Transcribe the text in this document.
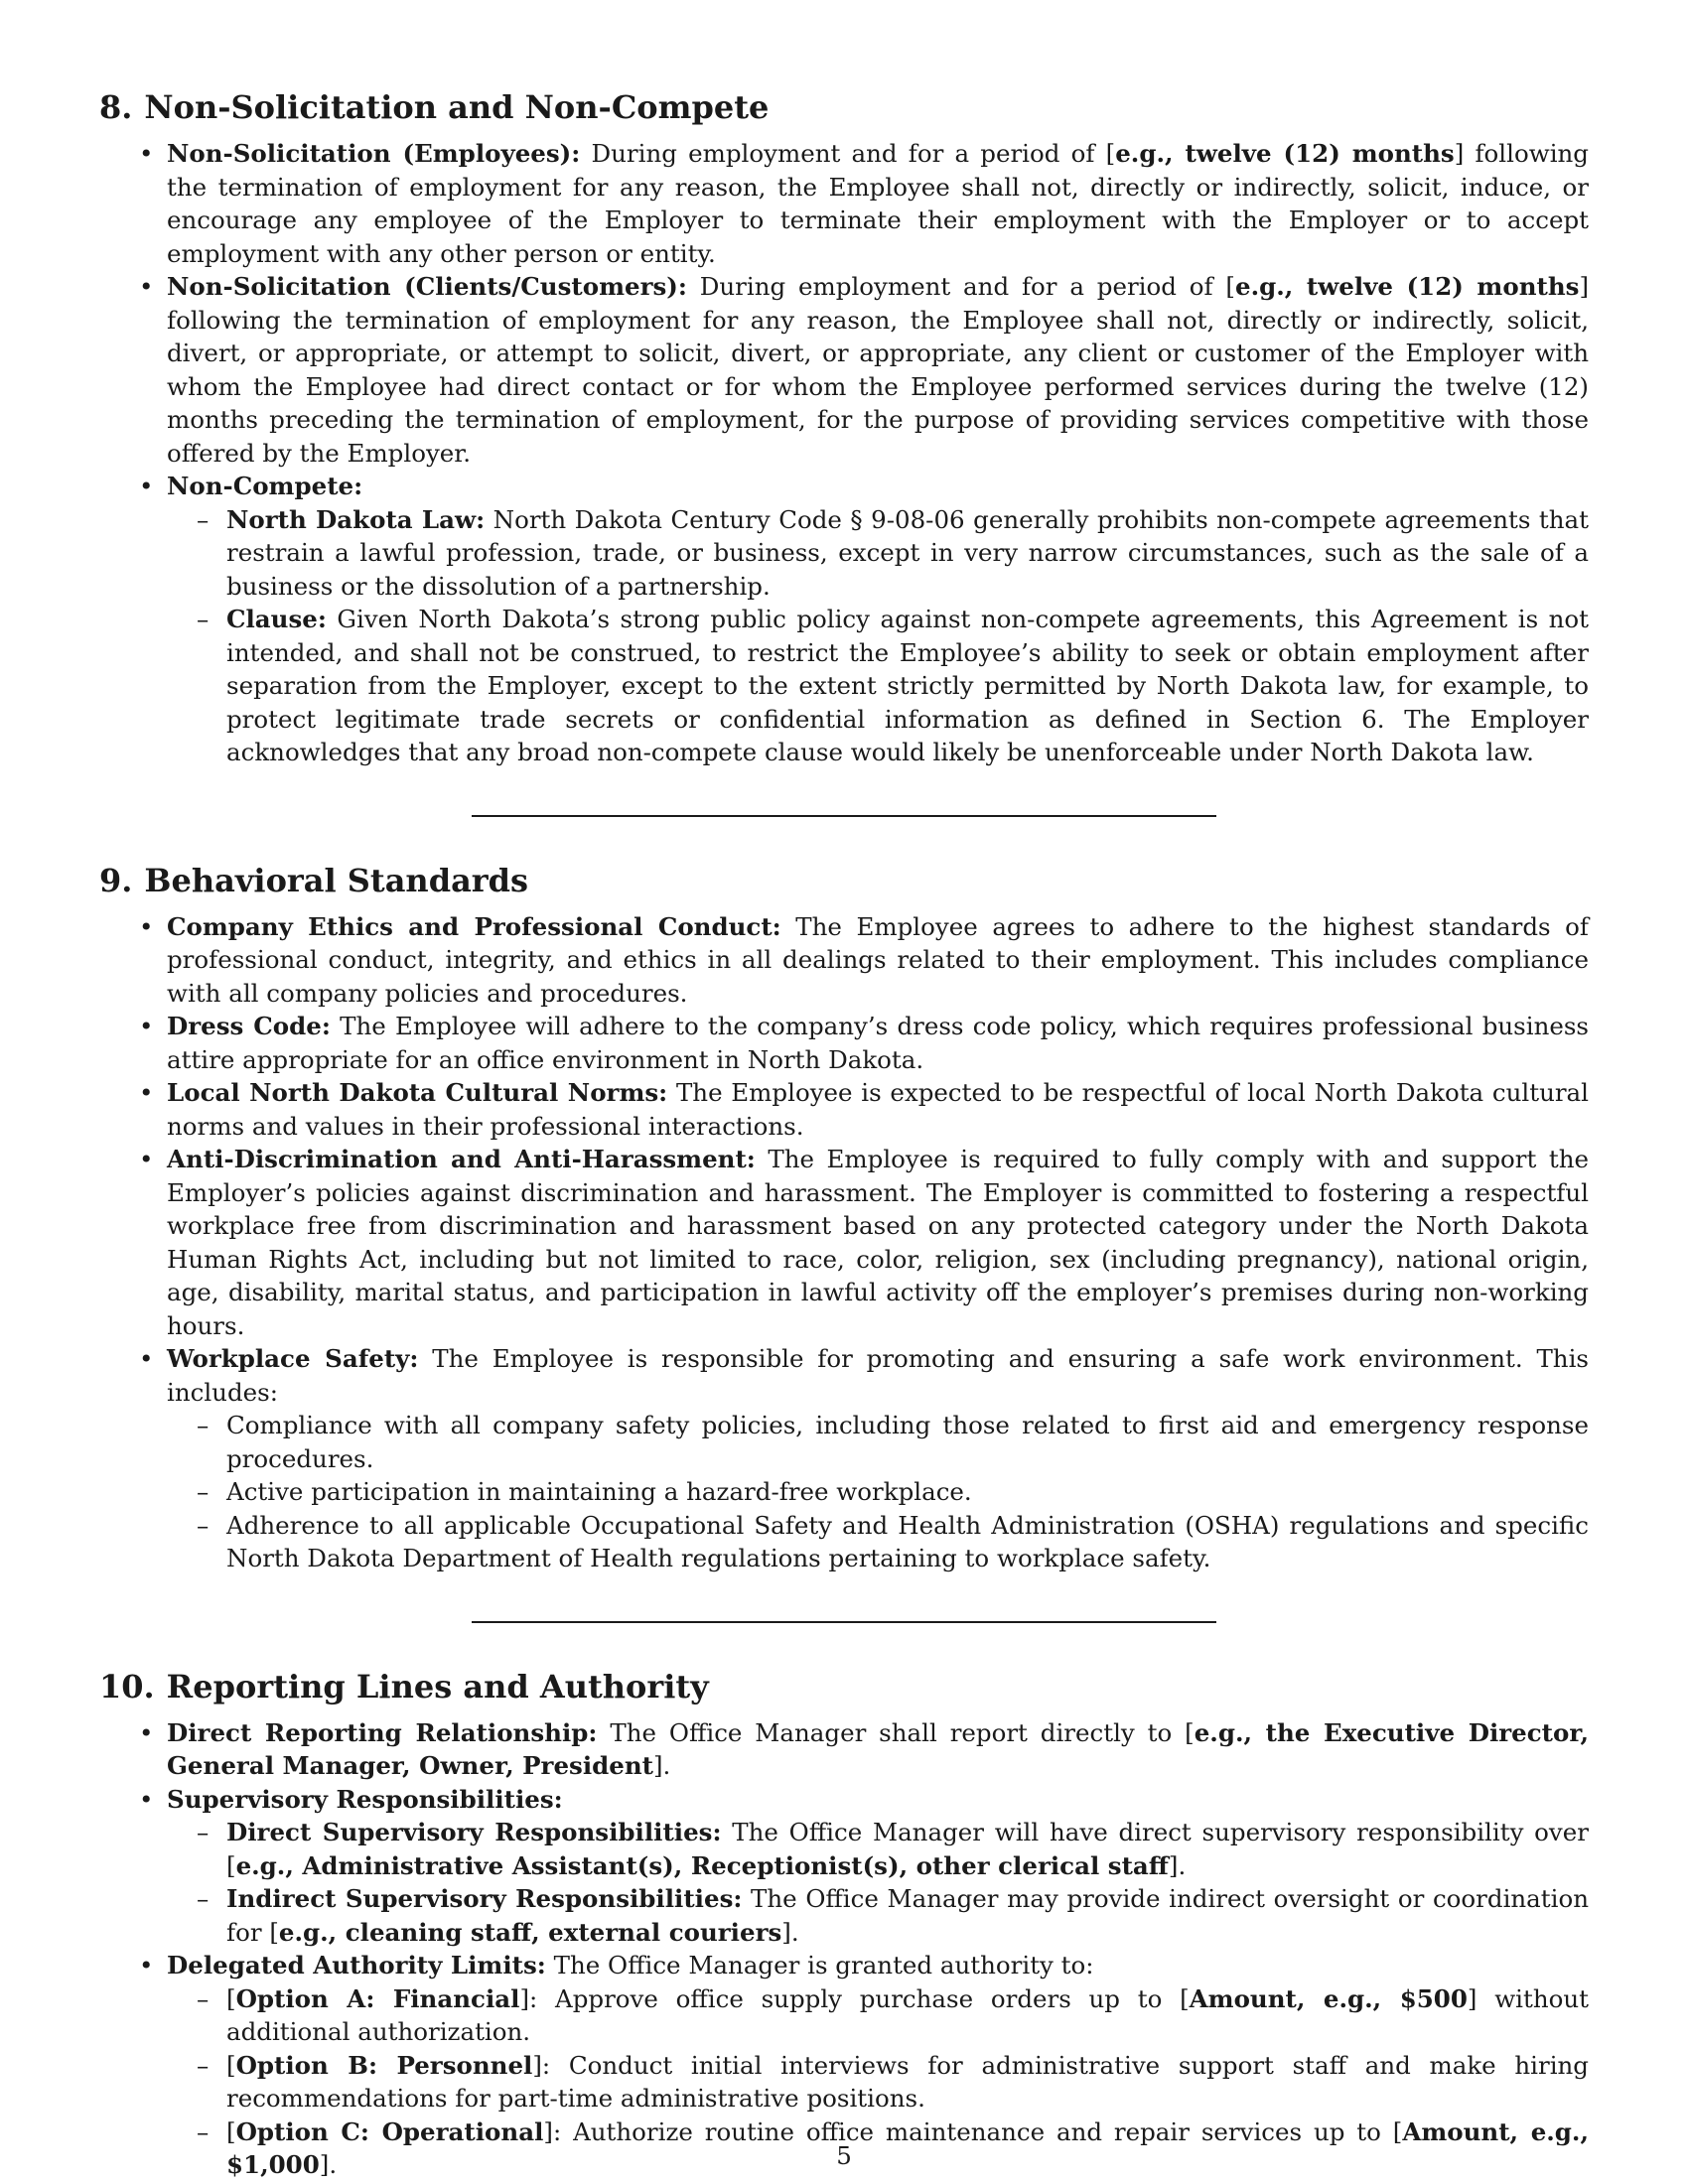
8. Non-Solicitation and Non-Compete
• Non-Solicitation (Employees): During employment and for a period of [e.g., twelve (12) months] following the termination of employment for any reason, the Employee shall not, directly or indirectly, solicit, induce, or encourage any employee of the Employer to terminate their employment with the Employer or to accept employment with any other person or entity.
• Non-Solicitation (Clients/Customers): During employment and for a period of [e.g., twelve (12) months] following the termination of employment for any reason, the Employee shall not, directly or indirectly, solicit, divert, or appropriate, or attempt to solicit, divert, or appropriate, any client or customer of the Employer with whom the Employee had direct contact or for whom the Employee performed services during the twelve (12) months preceding the termination of employment, for the purpose of providing services competitive with those offered by the Employer.
• Non-Compete:
– North Dakota Law: North Dakota Century Code § 9-08-06 generally prohibits non-compete agreements that restrain a lawful profession, trade, or business, except in very narrow circumstances, such as the sale of a business or the dissolution of a partnership.
– Clause: Given North Dakota’s strong public policy against non-compete agreements, this Agreement is not intended, and shall not be construed, to restrict the Employee’s ability to seek or obtain employment after separation from the Employer, except to the extent strictly permitted by North Dakota law, for example, to protect legitimate trade secrets or confidential information as defined in Section 6. The Employer acknowledges that any broad non-compete clause would likely be unenforceable under North Dakota law.
9. Behavioral Standards
• Company Ethics and Professional Conduct: The Employee agrees to adhere to the highest standards of professional conduct, integrity, and ethics in all dealings related to their employment. This includes compliance with all company policies and procedures.
• Dress Code: The Employee will adhere to the company’s dress code policy, which requires professional business attire appropriate for an office environment in North Dakota.
• Local North Dakota Cultural Norms: The Employee is expected to be respectful of local North Dakota cultural norms and values in their professional interactions.
• Anti-Discrimination and Anti-Harassment: The Employee is required to fully comply with and support the Employer’s policies against discrimination and harassment. The Employer is committed to fostering a respectful workplace free from discrimination and harassment based on any protected category under the North Dakota Human Rights Act, including but not limited to race, color, religion, sex (including pregnancy), national origin, age, disability, marital status, and participation in lawful activity off the employer’s premises during non-working hours.
• Workplace Safety: The Employee is responsible for promoting and ensuring a safe work environment. This includes:
– Compliance with all company safety policies, including those related to first aid and emergency response procedures.
– Active participation in maintaining a hazard-free workplace.
– Adherence to all applicable Occupational Safety and Health Administration (OSHA) regulations and specific North Dakota Department of Health regulations pertaining to workplace safety.
10. Reporting Lines and Authority
• Direct Reporting Relationship: The Office Manager shall report directly to [e.g., the Executive Director, General Manager, Owner, President].
• Supervisory Responsibilities:
– Direct Supervisory Responsibilities: The Office Manager will have direct supervisory responsibility over [e.g., Administrative Assistant(s), Receptionist(s), other clerical staff].
– Indirect Supervisory Responsibilities: The Office Manager may provide indirect oversight or coordination for [e.g., cleaning staff, external couriers].
• Delegated Authority Limits: The Office Manager is granted authority to:
– [Option A: Financial]: Approve office supply purchase orders up to [Amount, e.g., $500] without additional authorization.
– [Option B: Personnel]: Conduct initial interviews for administrative support staff and make hiring recommendations for part-time administrative positions.
– [Option C: Operational]: Authorize routine office maintenance and repair services up to [Amount, e.g., $1,000].	5
